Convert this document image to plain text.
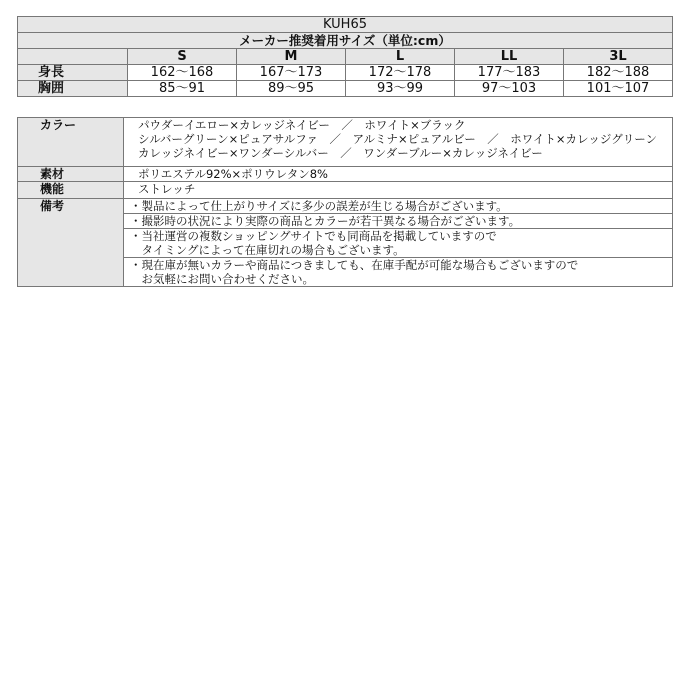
KUH65					
メーカー推奨着用サイズ（単位:cm）					
	S	M	L	LL	3L
身長	162～168	167～173	172～178	177～183	182～188
胸囲	85～91	89～95	93～99	97～103	101～107
カラー	パウダーイエロー×カレッジネイビー　／　ホワイト×ブラック
シルバーグリーン×ピュアサルファ　／　アルミナ×ピュアルビー　／　ホワイト×カレッジグリーン
カレッジネイビー×ワンダーシルバー　／　ワンダーブルー×カレッジネイビー

素材	ポリエステル92%×ポリウレタン8%
機能	ストレッチ
備考	・製品によって仕上がりサイズに多少の誤差が生じる場合がございます。

	・撮影時の状況により実際の商品とカラーが若干異なる場合がございます。

	・当社運営の複数ショッピングサイトでも同商品を掲載していますので
　タイミングによって在庫切れの場合もございます。

	・現在庫が無いカラーや商品につきましても、在庫手配が可能な場合もございますので
　お気軽にお問い合わせください。
